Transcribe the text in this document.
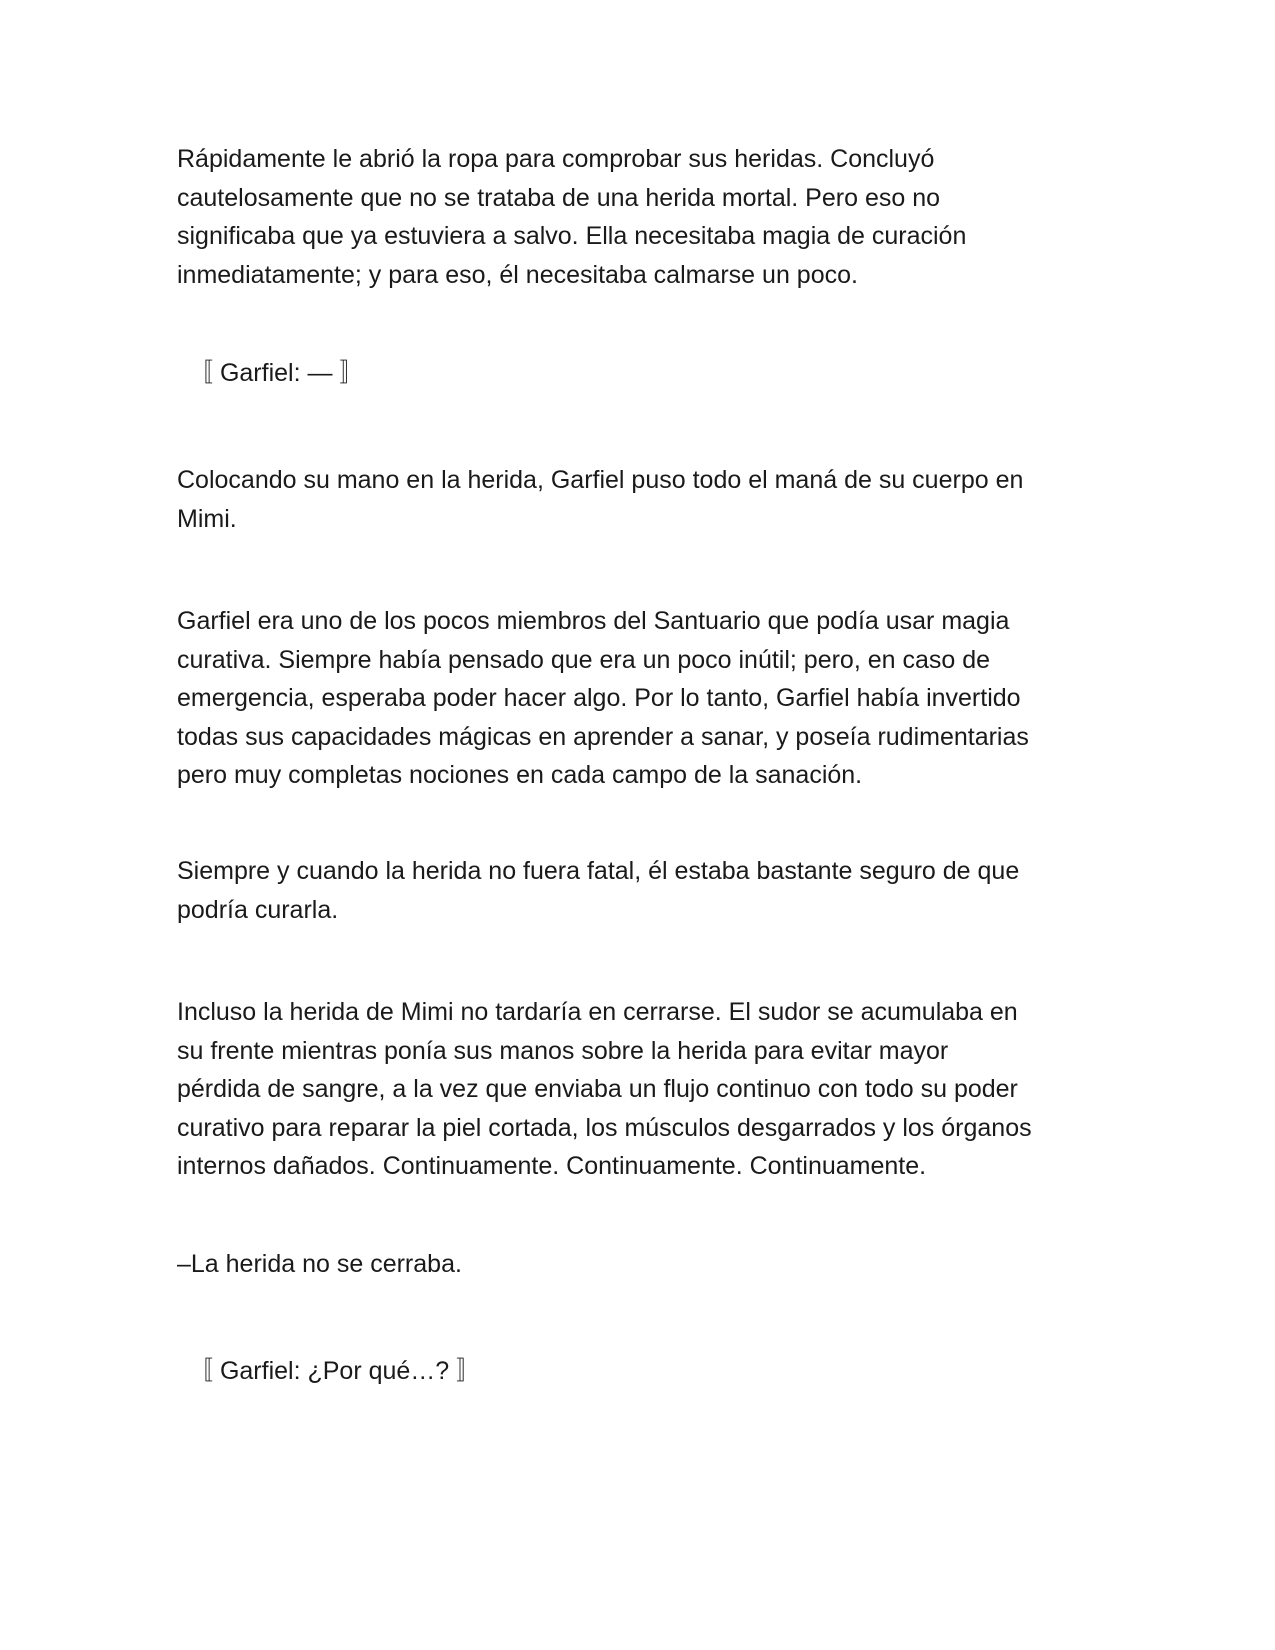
Rápidamente le abrió la ropa para comprobar sus heridas. Concluyó
cautelosamente que no se trataba de una herida mortal. Pero eso no
significaba que ya estuviera a salvo. Ella necesitaba magia de curación
inmediatamente; y para eso, él necesitaba calmarse un poco.

〚 Garfiel: — 〛

Colocando su mano en la herida, Garfiel puso todo el maná de su cuerpo en
Mimi.

Garfiel era uno de los pocos miembros del Santuario que podía usar magia
curativa. Siempre había pensado que era un poco inútil; pero, en caso de
emergencia, esperaba poder hacer algo. Por lo tanto, Garfiel había invertido
todas sus capacidades mágicas en aprender a sanar, y poseía rudimentarias
pero muy completas nociones en cada campo de la sanación.

Siempre y cuando la herida no fuera fatal, él estaba bastante seguro de que
podría curarla.

Incluso la herida de Mimi no tardaría en cerrarse. El sudor se acumulaba en
su frente mientras ponía sus manos sobre la herida para evitar mayor
pérdida de sangre, a la vez que enviaba un flujo continuo con todo su poder
curativo para reparar la piel cortada, los músculos desgarrados y los órganos
internos dañados. Continuamente. Continuamente. Continuamente.

–La herida no se cerraba.

〚 Garfiel: ¿Por qué…? 〛
